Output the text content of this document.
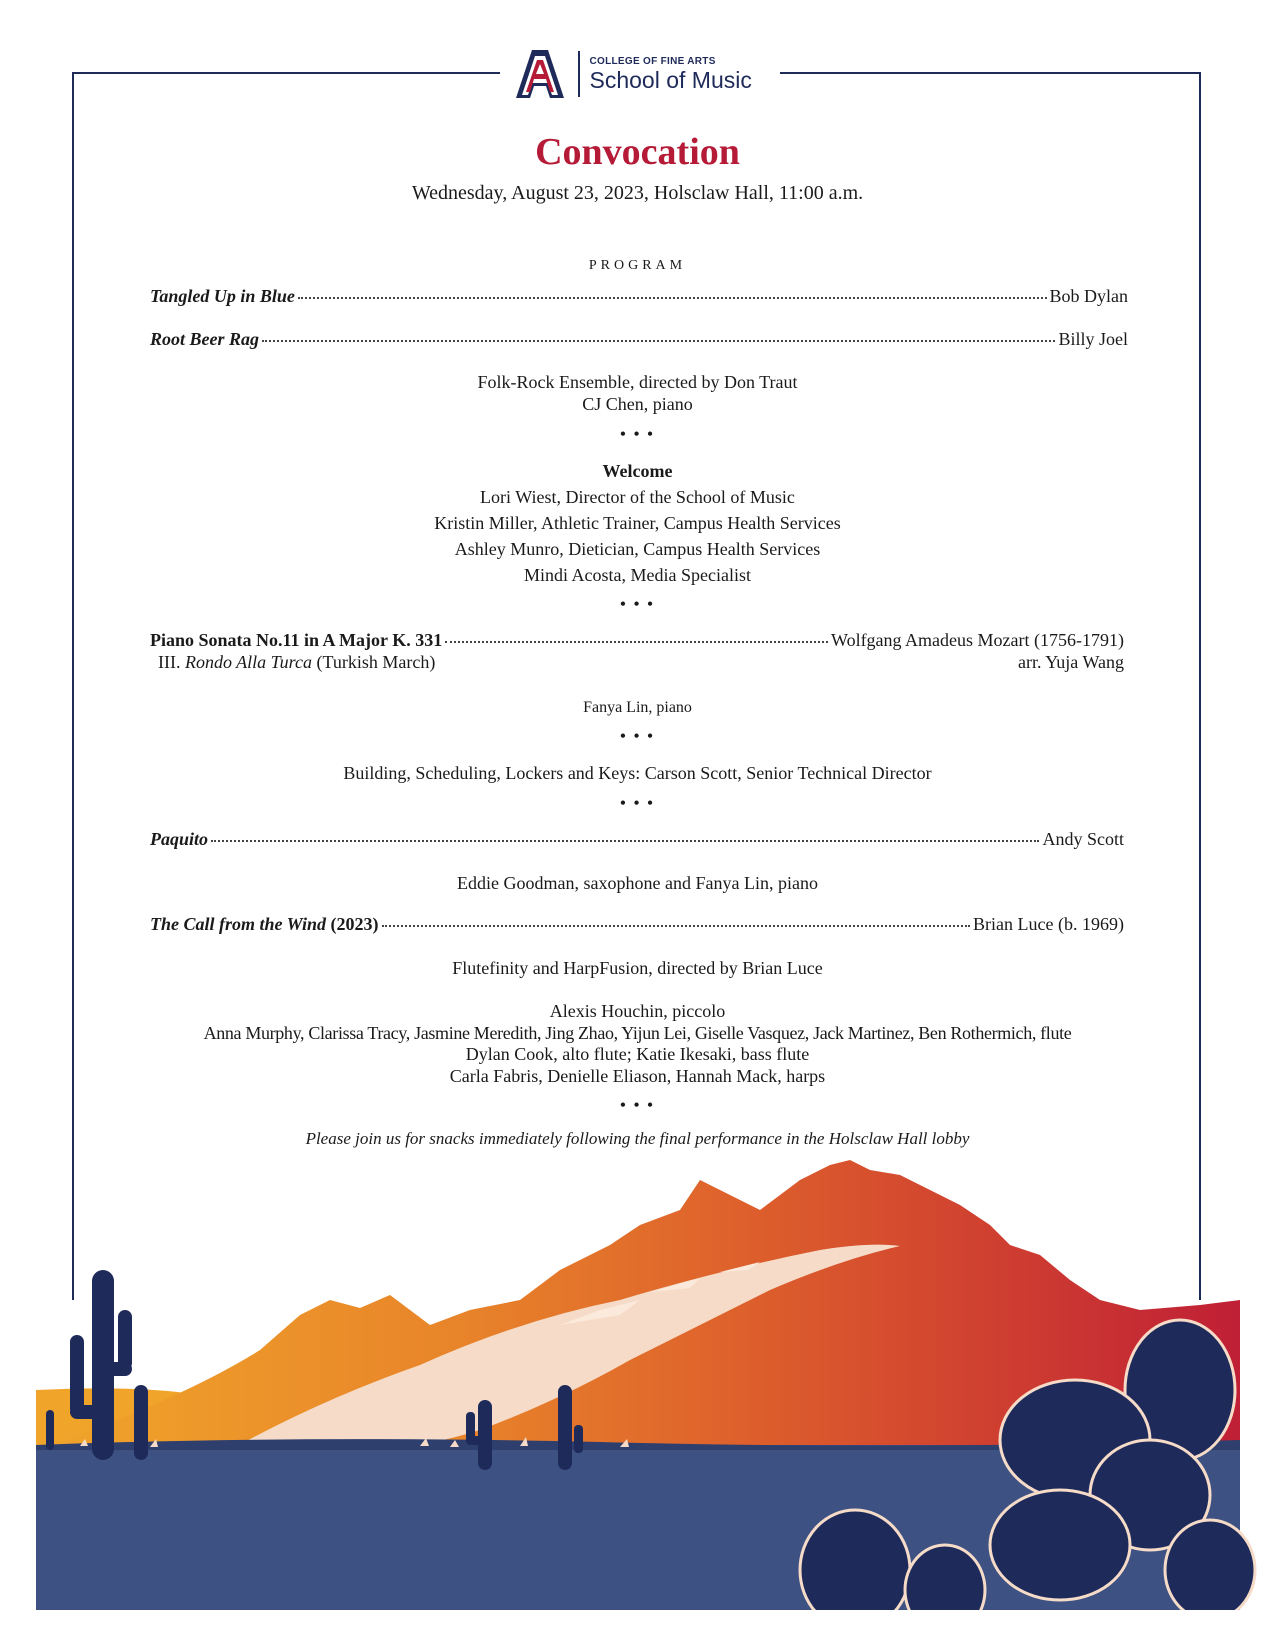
COLLEGE OF FINE ARTS
School of Music
Convocation
Wednesday, August 23, 2023, Holsclaw Hall, 11:00 a.m.
PROGRAM
Tangled Up in Blue	Bob Dylan
Root Beer Rag	Billy Joel
Folk-Rock Ensemble, directed by Don Traut
CJ Chen, piano
• • •
Welcome
Lori Wiest, Director of the School of Music
Kristin Miller, Athletic Trainer, Campus Health Services
Ashley Munro, Dietician, Campus Health Services
Mindi Acosta, Media Specialist
• • •
Piano Sonata No.11 in A Major K. 331	Wolfgang Amadeus Mozart (1756-1791)
III. Rondo Alla Turca (Turkish March)	arr. Yuja Wang
Fanya Lin, piano
• • •
Building, Scheduling, Lockers and Keys: Carson Scott, Senior Technical Director
• • •
Paquito	Andy Scott
Eddie Goodman, saxophone and Fanya Lin, piano
The Call from the Wind (2023)	Brian Luce (b. 1969)
Flutefinity and HarpFusion, directed by Brian Luce
Alexis Houchin, piccolo
Anna Murphy, Clarissa Tracy, Jasmine Meredith, Jing Zhao, Yijun Lei, Giselle Vasquez, Jack Martinez, Ben Rothermich, flute
Dylan Cook, alto flute; Katie Ikesaki, bass flute
Carla Fabris, Denielle Eliason, Hannah Mack, harps
• • •
Please join us for snacks immediately following the final performance in the Holsclaw Hall lobby
